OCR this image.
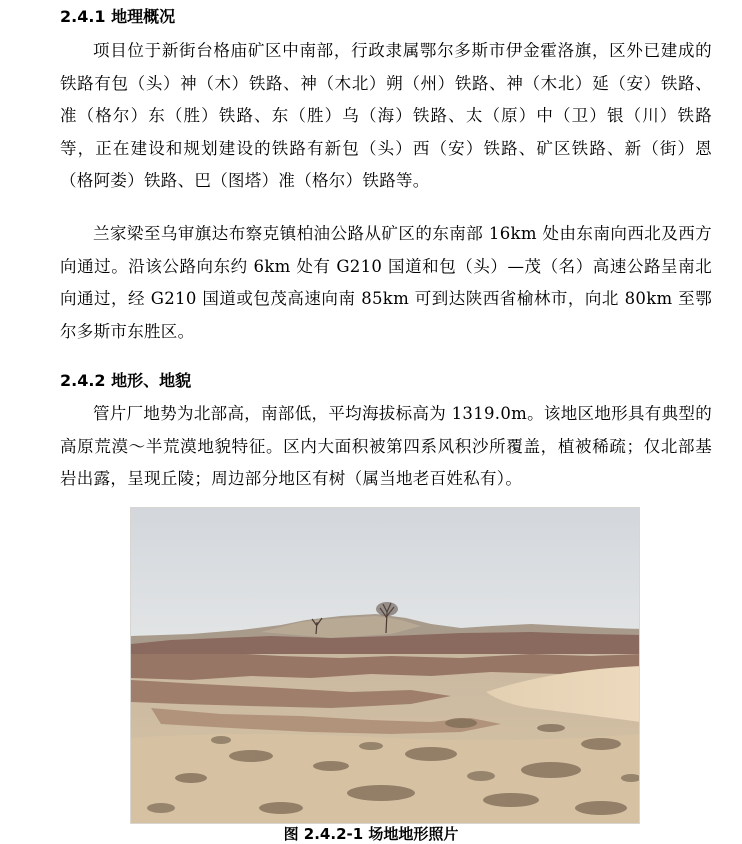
2.4.1 地理概况

项目位于新街台格庙矿区中南部，行政隶属鄂尔多斯市伊金霍洛旗，区外已建成的铁路有包（头）神（木）铁路、神（木北）朔（州）铁路、神（木北）延（安）铁路、准（格尔）东（胜）铁路、东（胜）乌（海）铁路、太（原）中（卫）银（川）铁路等，正在建设和规划建设的铁路有新包（头）西（安）铁路、矿区铁路、新（街）恩（格阿娄）铁路、巴（图塔）准（格尔）铁路等。

兰家梁至乌审旗达布察克镇柏油公路从矿区的东南部 16km 处由东南向西北及西方向通过。沿该公路向东约 6km 处有 G210 国道和包（头）—茂（名）高速公路呈南北向通过，经 G210 国道或包茂高速向南 85km 可到达陕西省榆林市，向北 80km 至鄂尔多斯市东胜区。

2.4.2 地形、地貌

管片厂地势为北部高，南部低，平均海拔标高为 1319.0m。该地区地形具有典型的高原荒漠～半荒漠地貌特征。区内大面积被第四系风积沙所覆盖，植被稀疏；仅北部基岩出露，呈现丘陵；周边部分地区有树（属当地老百姓私有）。

图 2.4.2-1 场地地形照片
